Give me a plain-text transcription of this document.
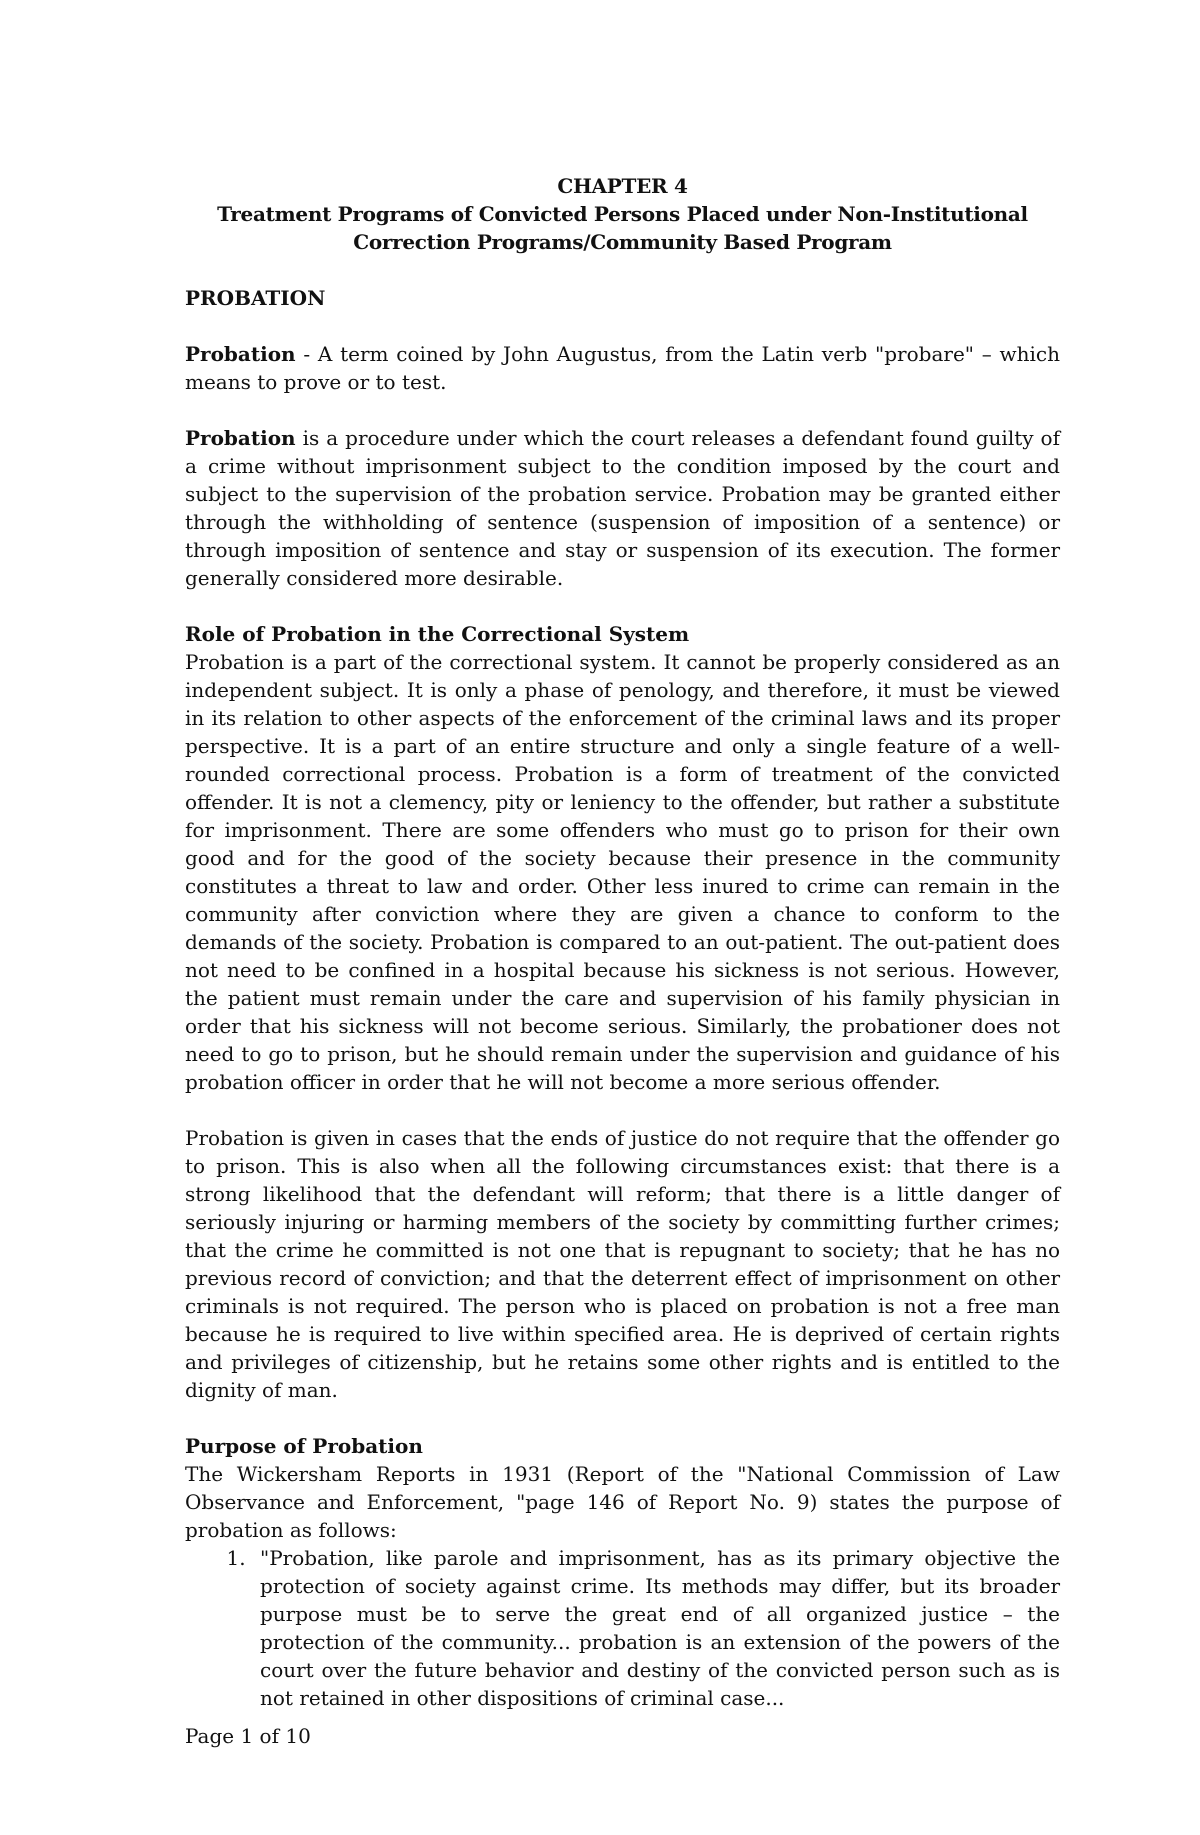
CHAPTER 4
Treatment Programs of Convicted Persons Placed under Non-Institutional
Correction Programs/Community Based Program
PROBATION

Probation - A term coined by John Augustus, from the Latin verb "probare" – which means to prove or to test.

Probation is a procedure under which the court releases a defendant found guilty of a crime without imprisonment subject to the condition imposed by the court and subject to the supervision of the probation service. Probation may be granted either through the withholding of sentence (suspension of imposition of a sentence) or through imposition of sentence and stay or suspension of its execution. The former generally considered more desirable.

Role of Probation in the Correctional System

Probation is a part of the correctional system. It cannot be properly considered as an independent subject. It is only a phase of penology, and therefore, it must be viewed in its relation to other aspects of the enforcement of the criminal laws and its proper perspective. It is a part of an entire structure and only a single feature of a well-rounded correctional process. Probation is a form of treatment of the convicted offender. It is not a clemency, pity or leniency to the offender, but rather a substitute for imprisonment. There are some offenders who must go to prison for their own good and for the good of the society because their presence in the community constitutes a threat to law and order. Other less inured to crime can remain in the community after conviction where they are given a chance to conform to the demands of the society. Probation is compared to an out-patient. The out-patient does not need to be confined in a hospital because his sickness is not serious. However, the patient must remain under the care and supervision of his family physician in order that his sickness will not become serious. Similarly, the probationer does not need to go to prison, but he should remain under the supervision and guidance of his probation officer in order that he will not become a more serious offender.

Probation is given in cases that the ends of justice do not require that the offender go to prison. This is also when all the following circumstances exist: that there is a strong likelihood that the defendant will reform; that there is a little danger of seriously injuring or harming members of the society by committing further crimes; that the crime he committed is not one that is repugnant to society; that he has no previous record of conviction; and that the deterrent effect of imprisonment on other criminals is not required. The person who is placed on probation is not a free man because he is required to live within specified area. He is deprived of certain rights and privileges of citizenship, but he retains some other rights and is entitled to the dignity of man.

Purpose of Probation

The Wickersham Reports in 1931 (Report of the "National Commission of Law Observance and Enforcement, "page 146 of Report No. 9) states the purpose of probation as follows:

1. "Probation, like parole and imprisonment, has as its primary objective the protection of society against crime. Its methods may differ, but its broader purpose must be to serve the great end of all organized justice – the protection of the community... probation is an extension of the powers of the court over the future behavior and destiny of the convicted person such as is not retained in other dispositions of criminal case...
Page 1 of 10
